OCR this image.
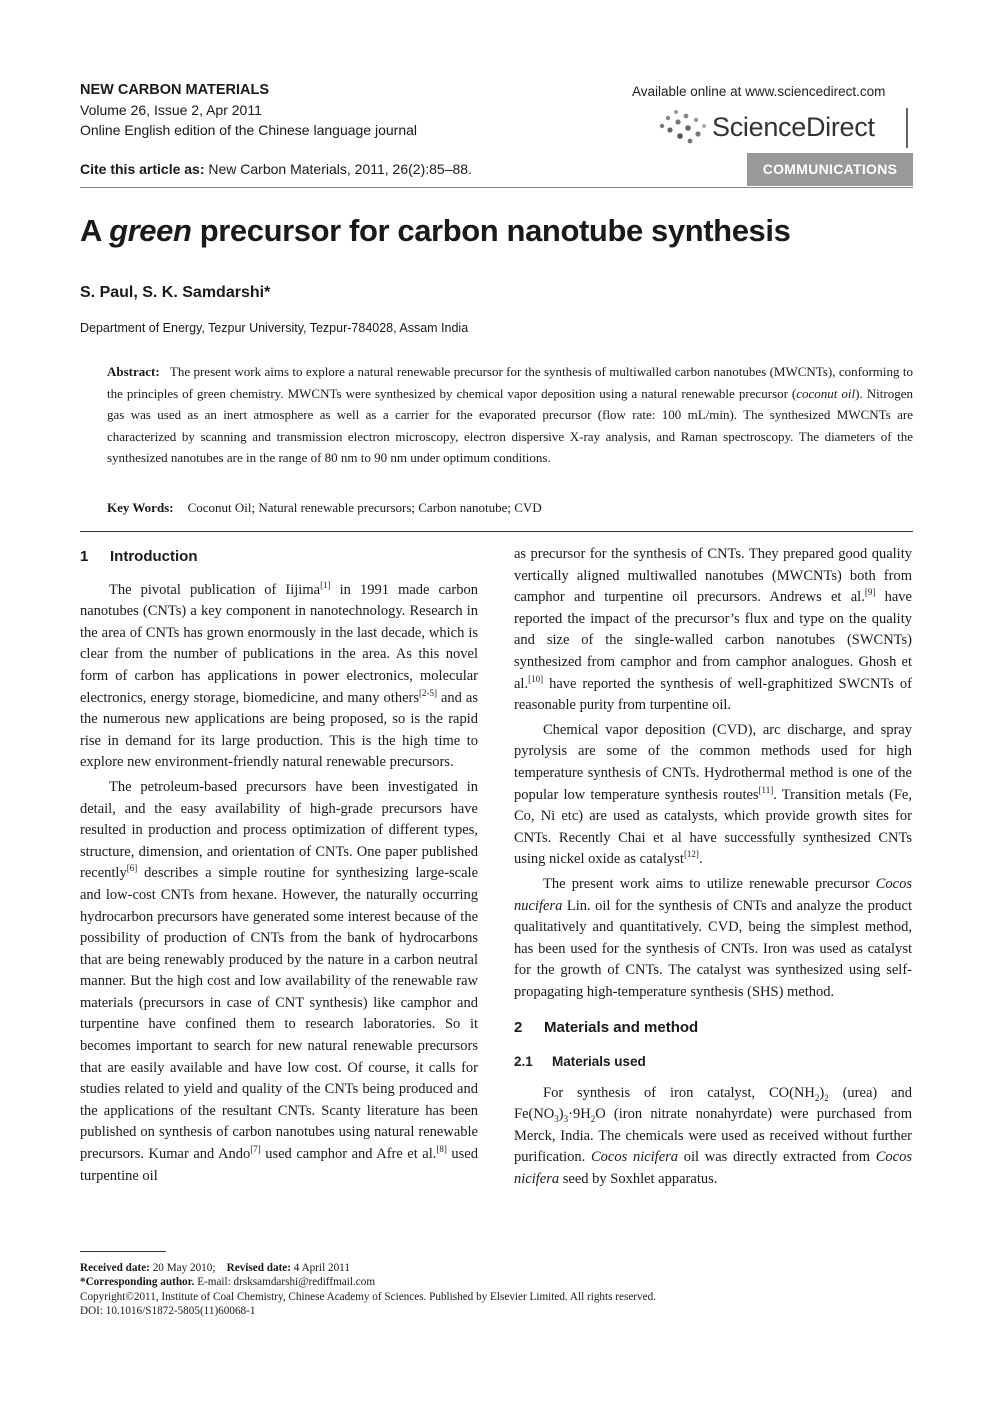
NEW CARBON MATERIALS
Volume 26, Issue 2, Apr 2011
Online English edition of the Chinese language journal
Available online at www.sciencedirect.com
ScienceDirect
Cite this article as: New Carbon Materials, 2011, 26(2):85–88.	COMMUNICATIONS
A green precursor for carbon nanotube synthesis
S. Paul, S. K. Samdarshi*
Department of Energy, Tezpur University, Tezpur-784028, Assam India
Abstract: The present work aims to explore a natural renewable precursor for the synthesis of multiwalled carbon nanotubes (MWCNTs), conforming to the principles of green chemistry. MWCNTs were synthesized by chemical vapor deposition using a natural renewable precursor (coconut oil). Nitrogen gas was used as an inert atmosphere as well as a carrier for the evaporated precursor (flow rate: 100 mL/min). The synthesized MWCNTs are characterized by scanning and transmission electron microscopy, electron dispersive X-ray analysis, and Raman spectroscopy. The diameters of the synthesized nanotubes are in the range of 80 nm to 90 nm under optimum conditions.
Key Words: Coconut Oil; Natural renewable precursors; Carbon nanotube; CVD
1 Introduction

The pivotal publication of Iijima[1] in 1991 made carbon nanotubes (CNTs) a key component in nanotechnology. Research in the area of CNTs has grown enormously in the last decade, which is clear from the number of publications in the area. As this novel form of carbon has applications in power electronics, molecular electronics, energy storage, biomedicine, and many others[2-5] and as the numerous new applications are being proposed, so is the rapid rise in demand for its large production. This is the high time to explore new environment-friendly natural renewable precursors.

The petroleum-based precursors have been investigated in detail, and the easy availability of high-grade precursors have resulted in production and process optimization of different types, structure, dimension, and orientation of CNTs. One paper published recently[6] describes a simple routine for synthesizing large-scale and low-cost CNTs from hexane. However, the naturally occurring hydrocarbon precursors have generated some interest because of the possibility of production of CNTs from the bank of hydrocarbons that are being renewably produced by the nature in a carbon neutral manner. But the high cost and low availability of the renewable raw materials (precursors in case of CNT synthesis) like camphor and turpentine have confined them to research laboratories. So it becomes important to search for new natural renewable precursors that are easily available and have low cost. Of course, it calls for studies related to yield and quality of the CNTs being produced and the applications of the resultant CNTs. Scanty literature has been published on synthesis of carbon nanotubes using natural renewable precursors. Kumar and Ando[7] used camphor and Afre et al.[8] used turpentine oil

as precursor for the synthesis of CNTs. They prepared good quality vertically aligned multiwalled nanotubes (MWCNTs) both from camphor and turpentine oil precursors. Andrews et al.[9] have reported the impact of the precursor’s flux and type on the quality and size of the single-walled carbon nanotubes (SWCNTs) synthesized from camphor and from camphor analogues. Ghosh et al.[10] have reported the synthesis of well-graphitized SWCNTs of reasonable purity from turpentine oil.

Chemical vapor deposition (CVD), arc discharge, and spray pyrolysis are some of the common methods used for high temperature synthesis of CNTs. Hydrothermal method is one of the popular low temperature synthesis routes[11]. Transition metals (Fe, Co, Ni etc) are used as catalysts, which provide growth sites for CNTs. Recently Chai et al have successfully synthesized CNTs using nickel oxide as catalyst[12].

The present work aims to utilize renewable precursor Cocos nucifera Lin. oil for the synthesis of CNTs and analyze the product qualitatively and quantitatively. CVD, being the simplest method, has been used for the synthesis of CNTs. Iron was used as catalyst for the growth of CNTs. The catalyst was synthesized using self-propagating high-temperature synthesis (SHS) method.

2 Materials and method
2.1 Materials used

For synthesis of iron catalyst, $CO(NH_2)_2$ (urea) and $Fe(NO_3)_3\cdot 9H_2O$ (iron nitrate nonahyrdate) were purchased from Merck, India. The chemicals were used as received without further purification. Cocos nicifera oil was directly extracted from Cocos nicifera seed by Soxhlet apparatus.

Received date: 20 May 2010; Revised date: 4 April 2011
*Corresponding author. E-mail: drsksamdarshi@rediffmail.com
Copyright©2011, Institute of Coal Chemistry, Chinese Academy of Sciences. Published by Elsevier Limited. All rights reserved.
DOI: 10.1016/S1872-5805(11)60068-1
